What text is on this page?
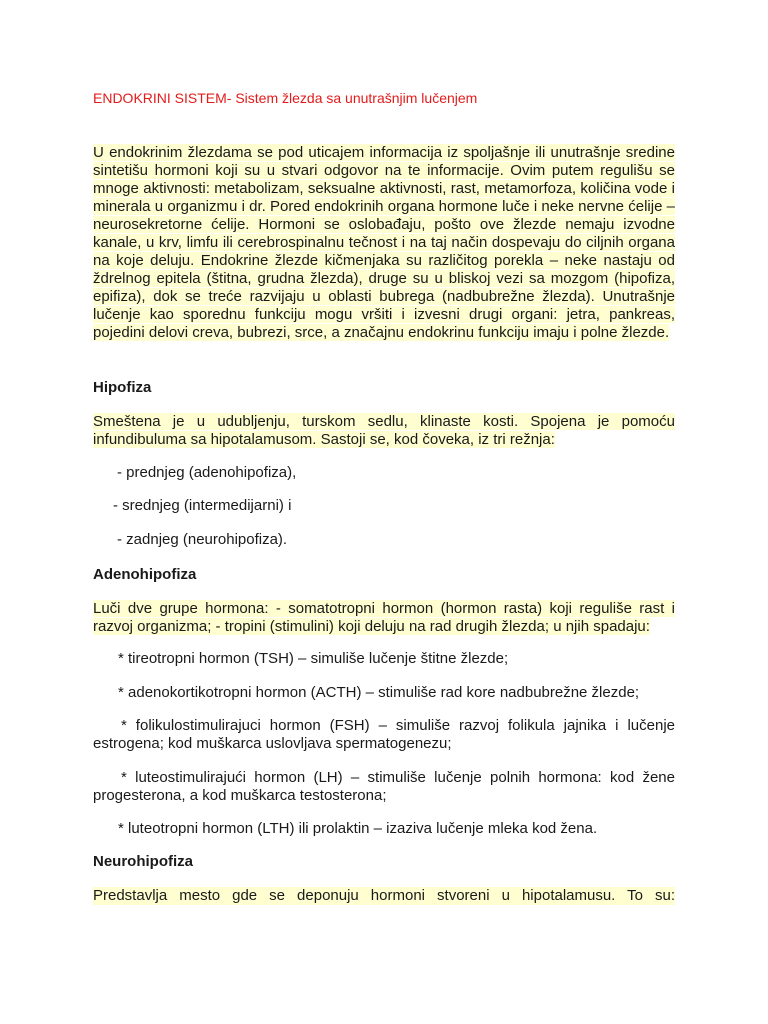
ENDOKRINI SISTEM- Sistem žlezda sa unutrašnjim lučenjem

U endokrinim žlezdama se pod uticajem informacija iz spoljašnje ili unutrašnje sredine sintetišu hormoni koji su u stvari odgovor na te informacije. Ovim putem regulišu se mnoge aktivnosti: metabolizam, seksualne aktivnosti, rast, metamorfoza, količina vode i minerala u organizmu i dr. Pored endokrinih organa hormone luče i neke nervne ćelije – neurosekretorne ćelije. Hormoni se oslobađaju, pošto ove žlezde nemaju izvodne kanale, u krv, limfu ili cerebrospinalnu tečnost i na taj način dospevaju do ciljnih organa na koje deluju. Endokrine žlezde kičmenjaka su različitog porekla – neke nastaju od ždrelnog epitela (štitna, grudna žlezda), druge su u bliskoj vezi sa mozgom (hipofiza, epifiza), dok se treće razvijaju u oblasti bubrega (nadbubrežne žlezda). Unutrašnje lučenje kao sporednu funkciju mogu vršiti i izvesni drugi organi: jetra, pankreas, pojedini delovi creva, bubrezi, srce, a značajnu endokrinu funkciju imaju i polne žlezde.

Hipofiza

Smeštena je u udubljenju, turskom sedlu, klinaste kosti. Spojena je pomoću infundibuluma sa hipotalamusom. Sastoji se, kod čoveka, iz tri režnja:

- prednjeg (adenohipofiza),

- srednjeg (intermedijarni) i

- zadnjeg (neurohipofiza).

Adenohipofiza

Luči dve grupe hormona: - somatotropni hormon (hormon rasta) koji reguliše rast i razvoj organizma; - tropini (stimulini) koji deluju na rad drugih žlezda; u njih spadaju:

* tireotropni hormon (TSH) – simuliše lučenje štitne žlezde;

* adenokortikotropni hormon (ACTH) – stimuliše rad kore nadbubrežne žlezde;

* folikulostimulirajuci hormon (FSH) – simuliše razvoj folikula jajnika i lučenje estrogena; kod muškarca uslovljava spermatogenezu;

* luteostimulirajući hormon (LH) – stimuliše lučenje polnih hormona: kod žene progesterona, a kod muškarca testosterona;

* luteotropni hormon (LTH) ili prolaktin – izaziva lučenje mleka kod žena.

Neurohipofiza

Predstavlja mesto gde se deponuju hormoni stvoreni u hipotalamusu. To su:
